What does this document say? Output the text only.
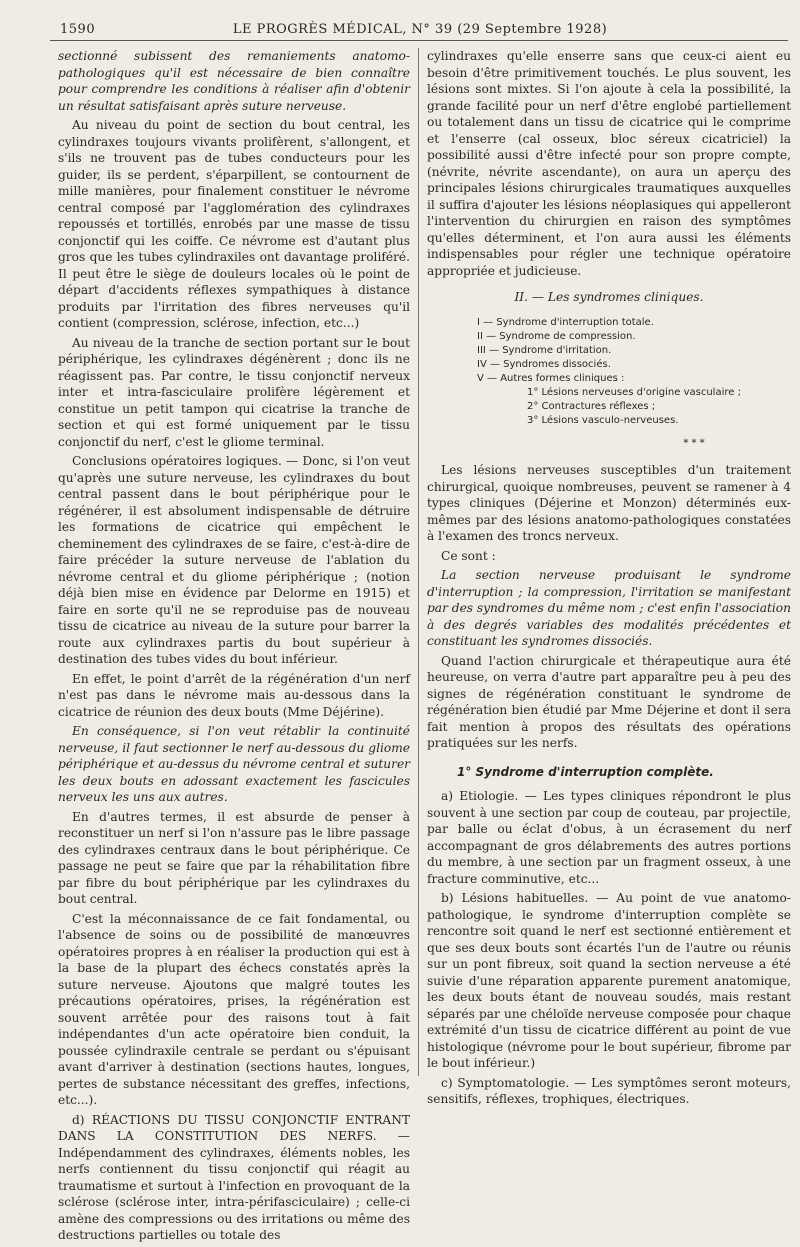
1590	LE PROGRÈS MÉDICAL, N° 39 (29 Septembre 1928)

sectionné subissent des remaniements anatomo-pathologiques qu'il est nécessaire de bien connaître pour comprendre les conditions à réaliser afin d'obtenir un résultat satisfaisant après suture nerveuse.

Au niveau du point de section du bout central, les cylindraxes toujours vivants prolifèrent, s'allongent, et s'ils ne trouvent pas de tubes conducteurs pour les guider, ils se perdent, s'éparpillent, se contournent de mille manières, pour finalement constituer le névrome central composé par l'agglomération des cylindraxes repoussés et tortillés, enrobés par une masse de tissu conjonctif qui les coiffe. Ce névrome est d'autant plus gros que les tubes cylindraxiles ont davantage proliféré. Il peut être le siège de douleurs locales où le point de départ d'accidents réflexes sympathiques à distance produits par l'irritation des fibres nerveuses qu'il contient (compression, sclérose, infection, etc...)

Au niveau de la tranche de section portant sur le bout périphérique, les cylindraxes dégénèrent ; donc ils ne réagissent pas. Par contre, le tissu conjonctif nerveux inter et intra-fasciculaire prolifère légèrement et constitue un petit tampon qui cicatrise la tranche de section et qui est formé uniquement par le tissu conjonctif du nerf, c'est le gliome terminal.

Conclusions opératoires logiques. — Donc, si l'on veut qu'après une suture nerveuse, les cylindraxes du bout central passent dans le bout périphérique pour le régénérer, il est absolument indispensable de détruire les formations de cicatrice qui empêchent le cheminement des cylindraxes de se faire, c'est-à-dire de faire précéder la suture nerveuse de l'ablation du névrome central et du gliome périphérique ; (notion déjà bien mise en évidence par Delorme en 1915) et faire en sorte qu'il ne se reproduise pas de nouveau tissu de cicatrice au niveau de la suture pour barrer la route aux cylindraxes partis du bout supérieur à destination des tubes vides du bout inférieur.

En effet, le point d'arrêt de la régénération d'un nerf n'est pas dans le névrome mais au-dessous dans la cicatrice de réunion des deux bouts (Mme Déjérine).

En conséquence, si l'on veut rétablir la continuité nerveuse, il faut sectionner le nerf au-dessous du gliome périphérique et au-dessus du névrome central et suturer les deux bouts en adossant exactement les fascicules nerveux les uns aux autres.

En d'autres termes, il est absurde de penser à reconstituer un nerf si l'on n'assure pas le libre passage des cylindraxes centraux dans le bout périphérique. Ce passage ne peut se faire que par la réhabilitation fibre par fibre du bout périphérique par les cylindraxes du bout central.

C'est la méconnaissance de ce fait fondamental, ou l'absence de soins ou de possibilité de manœuvres opératoires propres à en réaliser la production qui est à la base de la plupart des échecs constatés après la suture nerveuse. Ajoutons que malgré toutes les précautions opératoires, prises, la régénération est souvent arrêtée pour des raisons tout à fait indépendantes d'un acte opératoire bien conduit, la poussée cylindraxile centrale se perdant ou s'épuisant avant d'arriver à destination (sections hautes, longues, pertes de substance nécessitant des greffes, infections, etc...).

d) RÉACTIONS DU TISSU CONJONCTIF ENTRANT DANS LA CONSTITUTION DES NERFS. — Indépendamment des cylindraxes, éléments nobles, les nerfs contiennent du tissu conjonctif qui réagit au traumatisme et surtout à l'infection en provoquant de la sclérose (sclérose inter, intra-périfasciculaire) ; celle-ci amène des compressions ou des irritations ou même des destructions partielles ou totale des

cylindraxes qu'elle enserre sans que ceux-ci aient eu besoin d'être primitivement touchés. Le plus souvent, les lésions sont mixtes. Si l'on ajoute à cela la possibilité, la grande facilité pour un nerf d'être englobé partiellement ou totalement dans un tissu de cicatrice qui le comprime et l'enserre (cal osseux, bloc séreux cicatriciel) la possibilité aussi d'être infecté pour son propre compte, (névrite, névrite ascendante), on aura un aperçu des principales lésions chirurgicales traumatiques auxquelles il suffira d'ajouter les lésions néoplasiques qui appelleront l'intervention du chirurgien en raison des symptômes qu'elles déterminent, et l'on aura aussi les éléments indispensables pour régler une technique opératoire appropriée et judicieuse.

II. — Les syndromes cliniques.
I — Syndrome d'interruption totale.
II — Syndrome de compression.
III — Syndrome d'irritation.
IV — Syndromes dissociés.
V — Autres formes cliniques :
1° Lésions nerveuses d'origine vasculaire ;
2° Contractures réflexes ;
3° Lésions vasculo-nerveuses.
* * *

Les lésions nerveuses susceptibles d'un traitement chirurgical, quoique nombreuses, peuvent se ramener à 4 types cliniques (Déjerine et Monzon) déterminés eux-mêmes par des lésions anatomo-pathologiques constatées à l'examen des troncs nerveux.

Ce sont :

La section nerveuse produisant le syndrome d'interruption ; la compression, l'irritation se manifestant par des syndromes du même nom ; c'est enfin l'association à des degrés variables des modalités précédentes et constituant les syndromes dissociés.

Quand l'action chirurgicale et thérapeutique aura été heureuse, on verra d'autre part apparaître peu à peu des signes de régénération constituant le syndrome de régénération bien étudié par Mme Déjerine et dont il sera fait mention à propos des résultats des opérations pratiquées sur les nerfs.

1° Syndrome d'interruption complète.

a) Etiologie. — Les types cliniques répondront le plus souvent à une section par coup de couteau, par projectile, par balle ou éclat d'obus, à un écrasement du nerf accompagnant de gros délabrements des autres portions du membre, à une section par un fragment osseux, à une fracture comminutive, etc...

b) Lésions habituelles. — Au point de vue anatomo-pathologique, le syndrome d'interruption complète se rencontre soit quand le nerf est sectionné entièrement et que ses deux bouts sont écartés l'un de l'autre ou réunis sur un pont fibreux, soit quand la section nerveuse a été suivie d'une réparation apparente purement anatomique, les deux bouts étant de nouveau soudés, mais restant séparés par une chéloïde nerveuse composée pour chaque extrémité d'un tissu de cicatrice différent au point de vue histologique (névrome pour le bout supérieur, fibrome par le bout inférieur.)

c) Symptomatologie. — Les symptômes seront moteurs, sensitifs, réflexes, trophiques, électriques.
